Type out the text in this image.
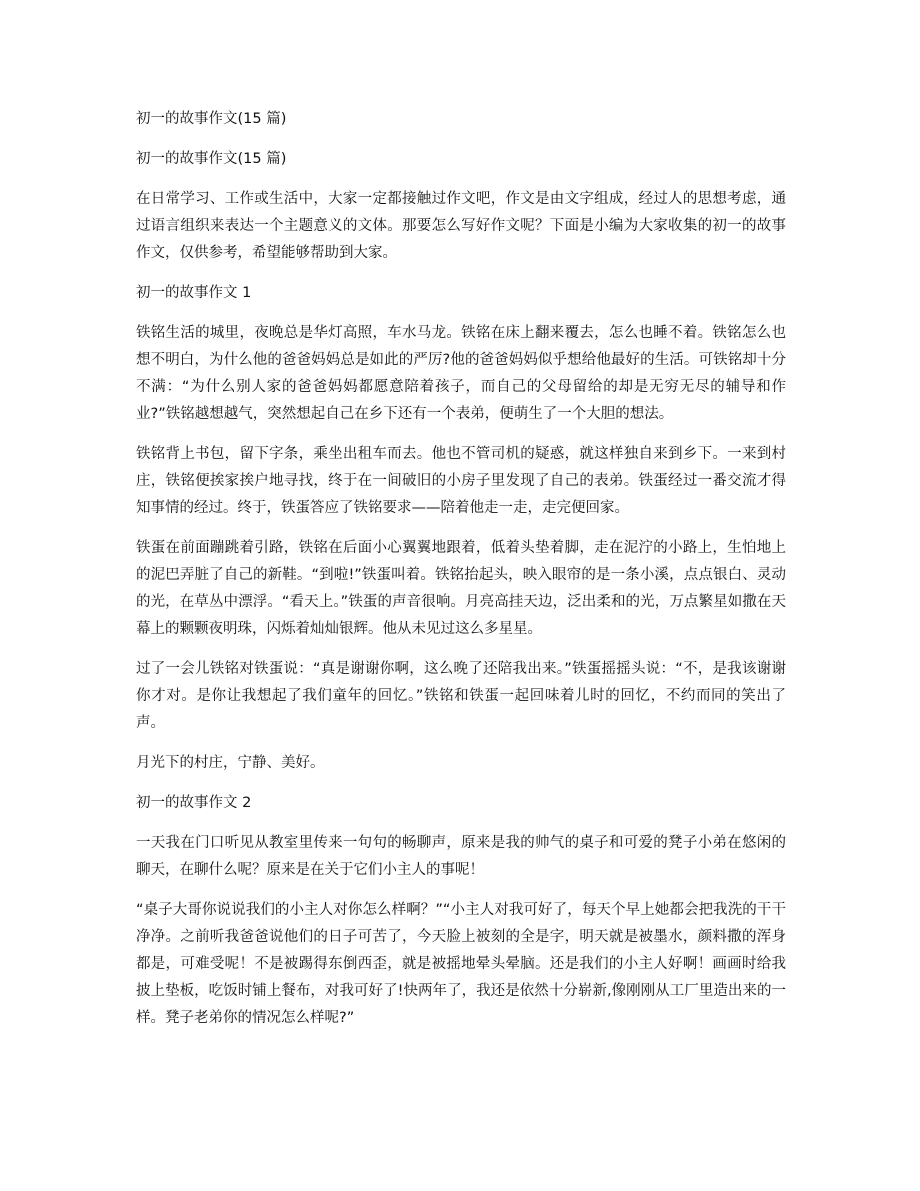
初一的故事作文(15 篇)
初一的故事作文(15 篇)

在日常学习、工作或生活中，大家一定都接触过作文吧，作文是由文字组成，经过人的思想考虑，通过语言组织来表达一个主题意义的文体。那要怎么写好作文呢？下面是小编为大家收集的初一的故事作文，仅供参考，希望能够帮助到大家。

初一的故事作文 1

铁铭生活的城里，夜晚总是华灯高照，车水马龙。铁铭在床上翻来覆去，怎么也睡不着。铁铭怎么也想不明白，为什么他的爸爸妈妈总是如此的严厉?他的爸爸妈妈似乎想给他最好的生活。可铁铭却十分不满：“为什么别人家的爸爸妈妈都愿意陪着孩子，而自己的父母留给的却是无穷无尽的辅导和作业?”铁铭越想越气，突然想起自己在乡下还有一个表弟，便萌生了一个大胆的想法。

铁铭背上书包，留下字条，乘坐出租车而去。他也不管司机的疑惑，就这样独自来到乡下。一来到村庄，铁铭便挨家挨户地寻找，终于在一间破旧的小房子里发现了自己的表弟。铁蛋经过一番交流才得知事情的经过。终于，铁蛋答应了铁铭要求——陪着他走一走，走完便回家。

铁蛋在前面蹦跳着引路，铁铭在后面小心翼翼地跟着，低着头垫着脚，走在泥泞的小路上，生怕地上的泥巴弄脏了自己的新鞋。“到啦!”铁蛋叫着。铁铭抬起头，映入眼帘的是一条小溪，点点银白、灵动的光，在草丛中漂浮。“看天上。”铁蛋的声音很响。月亮高挂天边，泛出柔和的光，万点繁星如撒在天幕上的颗颗夜明珠，闪烁着灿灿银辉。他从未见过这么多星星。

过了一会儿铁铭对铁蛋说：“真是谢谢你啊，这么晚了还陪我出来。”铁蛋摇摇头说：“不，是我该谢谢你才对。是你让我想起了我们童年的回忆。”铁铭和铁蛋一起回味着儿时的回忆，不约而同的笑出了声。

月光下的村庄，宁静、美好。

初一的故事作文 2

一天我在门口听见从教室里传来一句句的畅聊声，原来是我的帅气的桌子和可爱的凳子小弟在悠闲的聊天，在聊什么呢？原来是在关于它们小主人的事呢！

“桌子大哥你说说我们的小主人对你怎么样啊？”“小主人对我可好了，每天个早上她都会把我洗的干干净净。之前听我爸爸说他们的日子可苦了，今天脸上被刻的全是字，明天就是被墨水，颜料撒的浑身都是，可难受呢！不是被踢得东倒西歪，就是被摇地晕头晕脑。还是我们的小主人好啊！画画时给我披上垫板，吃饭时铺上餐布，对我可好了!快两年了，我还是依然十分崭新,像刚刚从工厂里造出来的一样。凳子老弟你的情况怎么样呢?”
